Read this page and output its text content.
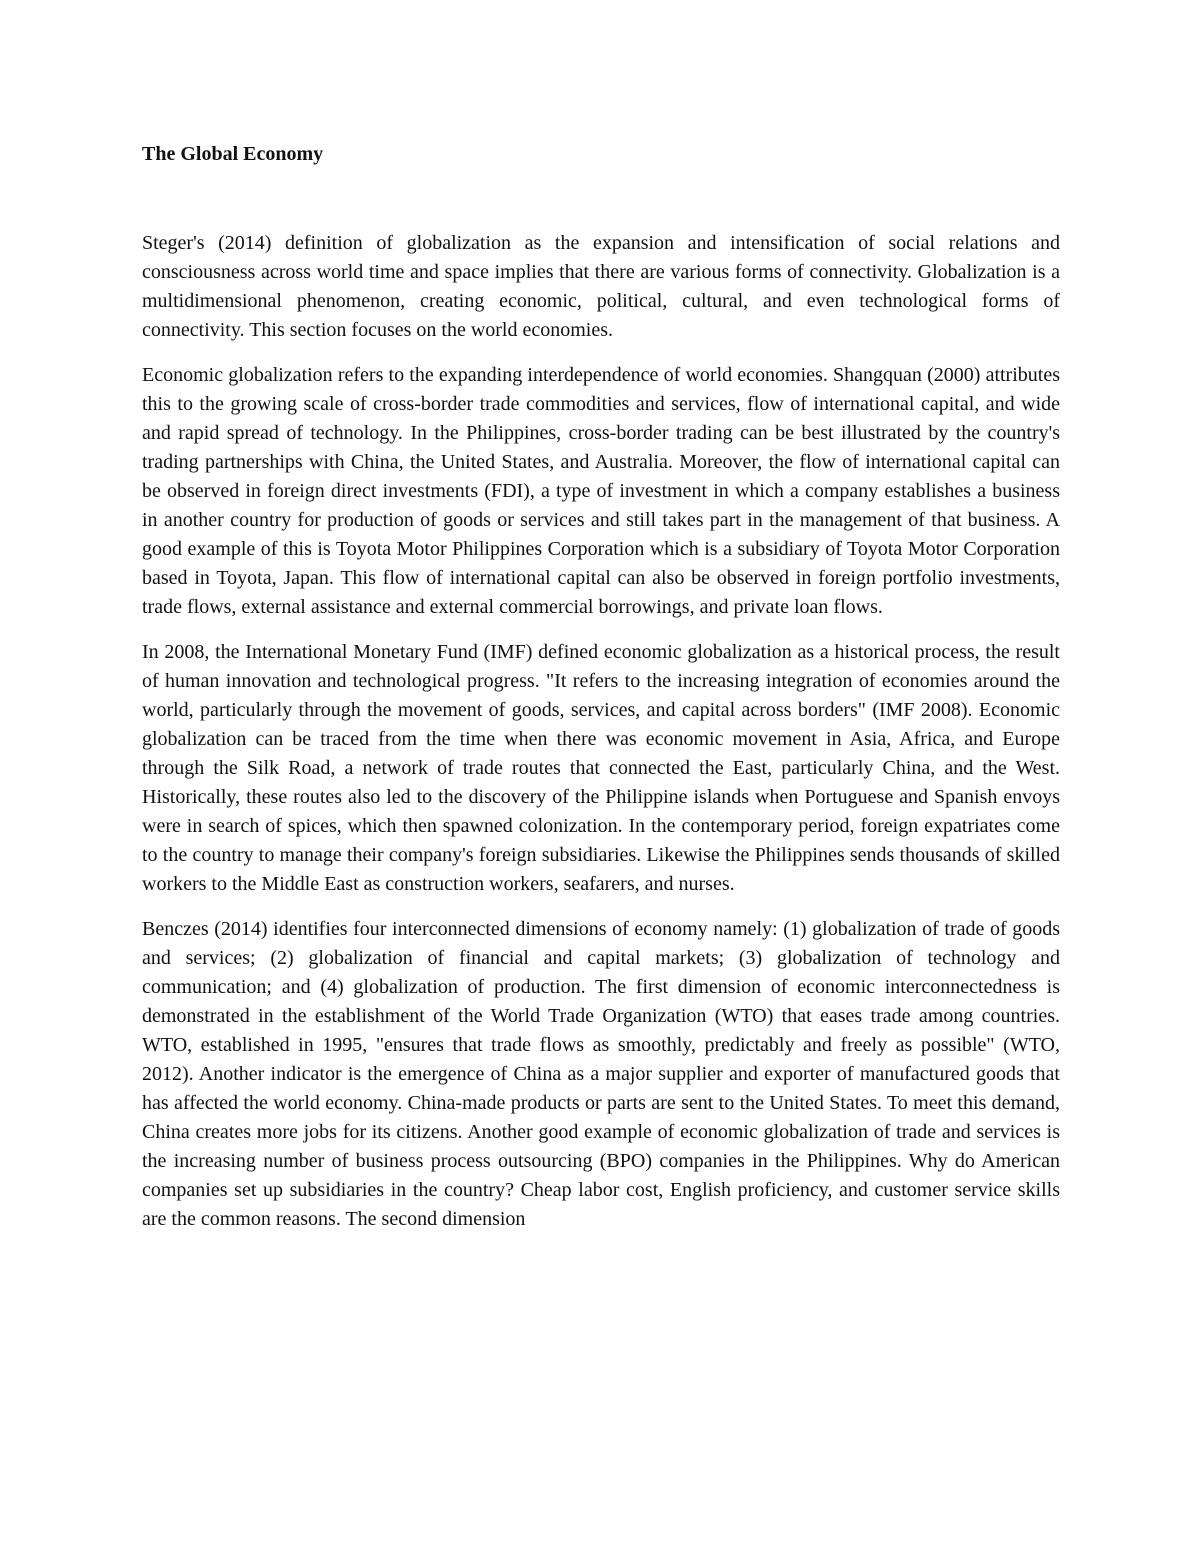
The Global Economy

Steger's (2014) definition of globalization as the expansion and intensification of social relations and consciousness across world time and space implies that there are various forms of connectivity. Globalization is a multidimensional phenomenon, creating economic, political, cultural, and even technological forms of connectivity. This section focuses on the world economies.

Economic globalization refers to the expanding interdependence of world economies. Shangquan (2000) attributes this to the growing scale of cross-border trade commodities and services, flow of international capital, and wide and rapid spread of technology. In the Philippines, cross-border trading can be best illustrated by the country's trading partnerships with China, the United States, and Australia. Moreover, the flow of international capital can be observed in foreign direct investments (FDI), a type of investment in which a company establishes a business in another country for production of goods or services and still takes part in the management of that business. A good example of this is Toyota Motor Philippines Corporation which is a subsidiary of Toyota Motor Corporation based in Toyota, Japan. This flow of international capital can also be observed in foreign portfolio investments, trade flows, external assistance and external commercial borrowings, and private loan flows.

In 2008, the International Monetary Fund (IMF) defined economic globalization as a historical process, the result of human innovation and technological progress. "It refers to the increasing integration of economies around the world, particularly through the movement of goods, services, and capital across borders" (IMF 2008). Economic globalization can be traced from the time when there was economic movement in Asia, Africa, and Europe through the Silk Road, a network of trade routes that connected the East, particularly China, and the West. Historically, these routes also led to the discovery of the Philippine islands when Portuguese and Spanish envoys were in search of spices, which then spawned colonization. In the contemporary period, foreign expatriates come to the country to manage their company's foreign subsidiaries. Likewise the Philippines sends thousands of skilled workers to the Middle East as construction workers, seafarers, and nurses.

Benczes (2014) identifies four interconnected dimensions of economy namely: (1) globalization of trade of goods and services; (2) globalization of financial and capital markets; (3) globalization of technology and communication; and (4) globalization of production. The first dimension of economic interconnectedness is demonstrated in the establishment of the World Trade Organization (WTO) that eases trade among countries. WTO, established in 1995, "ensures that trade flows as smoothly, predictably and freely as possible" (WTO, 2012). Another indicator is the emergence of China as a major supplier and exporter of manufactured goods that has affected the world economy. China-made products or parts are sent to the United States. To meet this demand, China creates more jobs for its citizens. Another good example of economic globalization of trade and services is the increasing number of business process outsourcing (BPO) companies in the Philippines. Why do American companies set up subsidiaries in the country? Cheap labor cost, English proficiency, and customer service skills are the common reasons. The second dimension
